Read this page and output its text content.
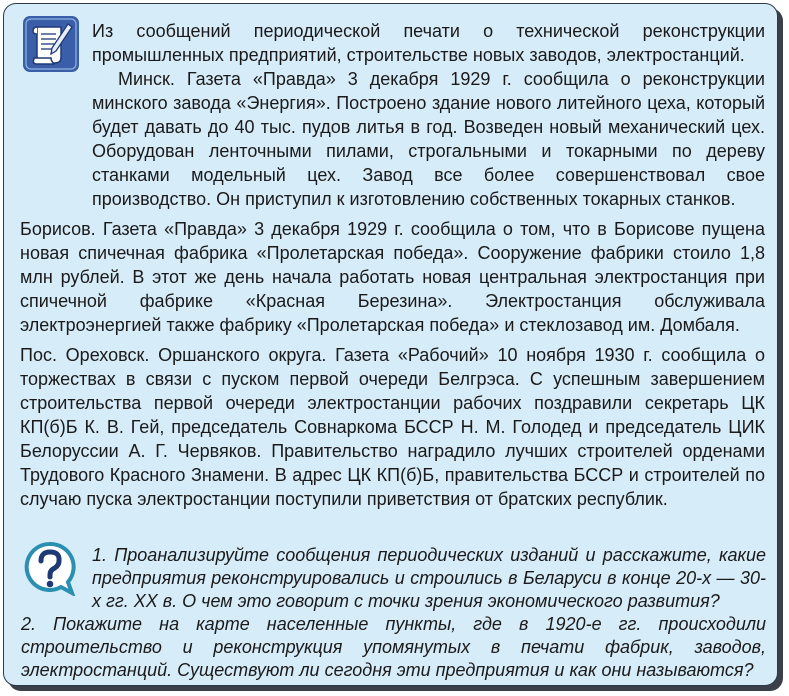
Из сообщений периодической печати о технической реконструкции промышленных предприятий, строительстве новых заводов, электростанций.

Минск. Газета «Правда» 3 декабря 1929 г. сообщила о реконструкции минского завода «Энергия». Построено здание нового литейного цеха, который будет давать до 40 тыс. пудов литья в год. Возведен новый механический цех. Оборудован ленточными пилами, строгальными и токарными по дереву станками модельный цех. Завод все более совершенствовал свое производство. Он приступил к изготовлению собственных токарных станков.

Борисов. Газета «Правда» 3 декабря 1929 г. сообщила о том, что в Борисове пущена новая спичечная фабрика «Пролетарская победа». Сооружение фабрики стоило 1,8 млн рублей. В этот же день начала работать новая центральная электростанция при спичечной фабрике «Красная Березина». Электростанция обслуживала электроэнергией также фабрику «Пролетарская победа» и стеклозавод им. Домбаля.

Пос. Ореховск. Оршанского округа. Газета «Рабочий» 10 ноября 1930 г. сообщила о торжествах в связи с пуском первой очереди Белгрэса. С успешным завершением строительства первой очереди электростанции рабочих поздравили секретарь ЦК КП(б)Б К. В. Гей, председатель Совнаркома БССР Н. М. Голодед и председатель ЦИК Белоруссии А. Г. Червяков. Правительство наградило лучших строителей орденами Трудового Красного Знамени. В адрес ЦК КП(б)Б, правительства БССР и строителей по случаю пуска электростанции поступили приветствия от братских республик.

1. Проанализируйте сообщения периодических изданий и расскажите, какие предприятия реконструировались и строились в Беларуси в конце 20-х — 30-х гг. XX в. О чем это говорит с точки зрения экономического развития?

2. Покажите на карте населенные пункты, где в 1920-е гг. происходили строительство и реконструкция упомянутых в печати фабрик, заводов, электростанций. Существуют ли сегодня эти предприятия и как они называются?
